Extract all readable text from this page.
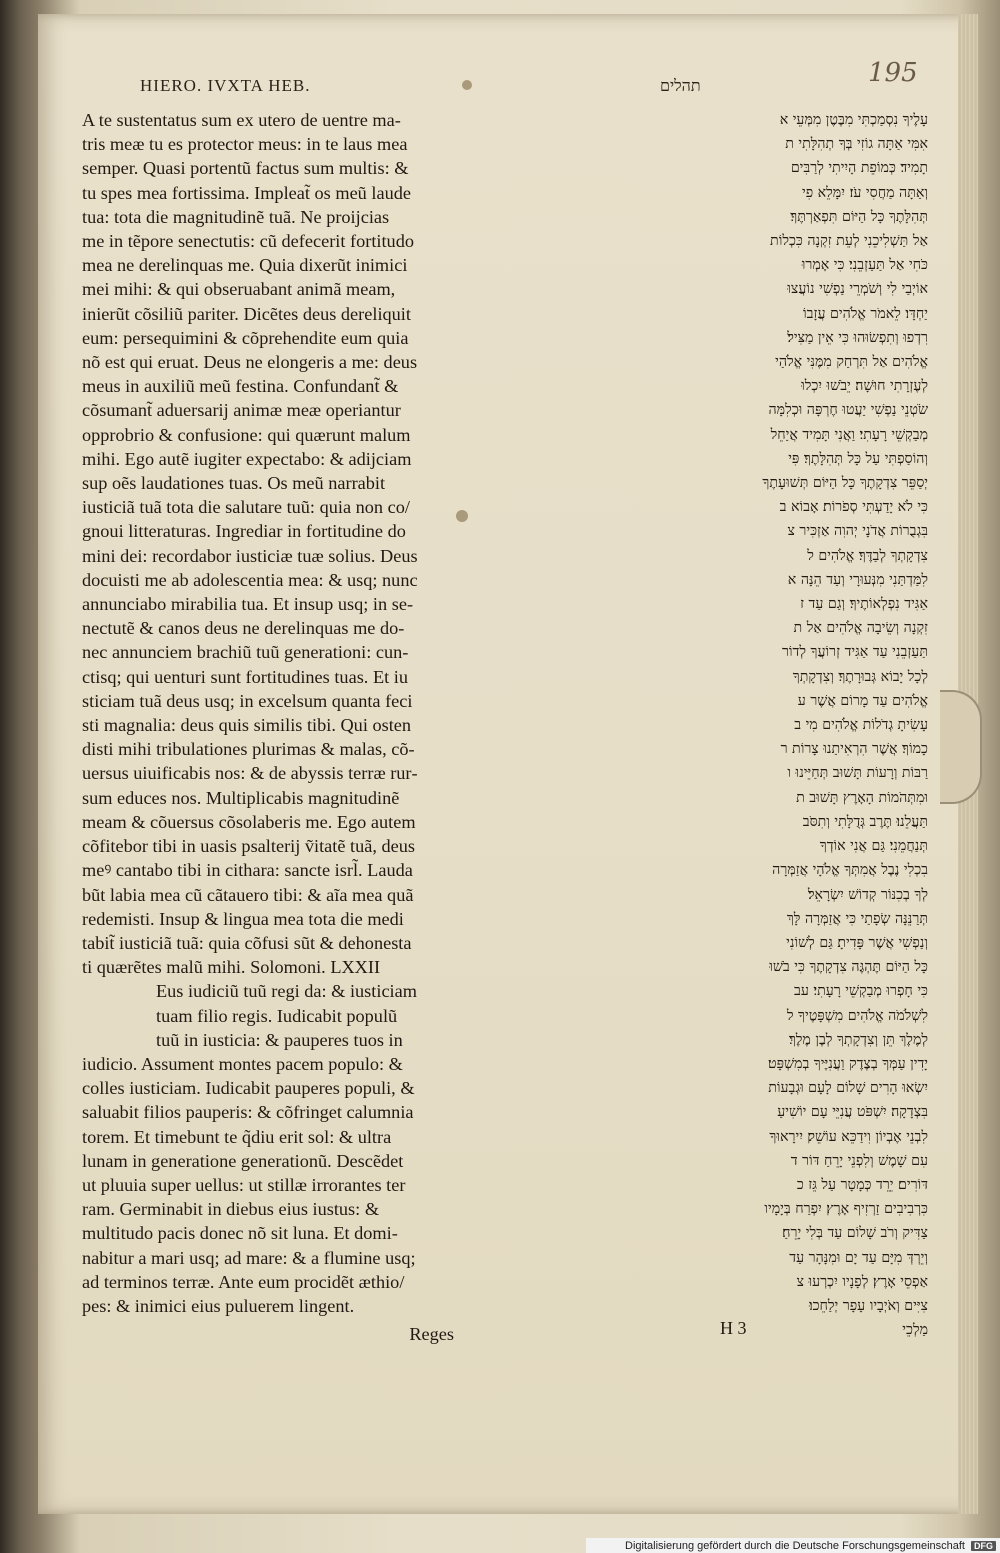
195
HIERO. IVXTA HEB.	תהלים
A te sustentatus sum ex utero de uentre ma‑
tris meæ tu es protector meus: in te laus mea
semper. Quasi portentũ factus sum multis: &
tu spes mea fortissima. Impleat̃ os meũ laude
tua: tota die magnitudinẽ tuã. Ne proijcias
me in tẽpore senectutis: cũ defecerit fortitudo
mea ne derelinquas me. Quia dixerũt inimici
mei mihi: & qui obseruabant animã meam,
inierũt cõsiliũ pariter. Dicẽtes deus dereliquit
eum: persequimini & cõprehendite eum quia
nõ est qui eruat. Deus ne elongeris a me: deus
meus in auxiliũ meũ festina. Confundant̃ &
cõsumant̃ aduersarij animæ meæ operiantur
opprobrio & confusione: qui quærunt malum
mihi. Ego autẽ iugiter expectabo: & adijciam
sup oẽs laudationes tuas. Os meũ narrabit
iusticiã tuã tota die salutare tuũ: quia non co/
gnoui litteraturas. Ingrediar in fortitudine do
mini dei: recordabor iusticiæ tuæ solius. Deus
docuisti me ab adolescentia mea: & usq; nunc
annunciabo mirabilia tua. Et insup usq; in se‑
nectutẽ & canos deus ne derelinquas me do‑
nec annunciem brachiũ tuũ generationi: cun‑
ctisq; qui uenturi sunt fortitudines tuas. Et iu
sticiam tuã deus usq; in excelsum quanta feci
sti magnalia: deus quis similis tibi. Qui osten
disti mihi tribulationes plurimas & malas, cõ‑
uersus uiuificabis nos: & de abyssis terræ rur‑
sum educes nos. Multiplicabis magnitudinẽ
meam & cõuersus cõsolaberis me. Ego autem
cõfitebor tibi in uasis psalterij ṽitatẽ tuã, deus
meꝰ cantabo tibi in cithara: sancte isrl̃. Lauda
bũt labia mea cũ cãtauero tibi: & aĩa mea quã
redemisti. Insup & lingua mea tota die medi
tabit̃ iusticiã tuã: quia cõfusi sũt & dehonesta
ti quærẽtes malũ mihi. Solomoni. LXXII
Eus iudiciũ tuũ regi da: & iusticiam
tuam filio regis. Iudicabit populũ
tuũ in iusticia: & pauperes tuos in
iudicio. Assument montes pacem populo: &
colles iusticiam. Iudicabit pauperes populi, &
saluabit filios pauperis: & cõfringet calumnia
torem. Et timebunt te q̃diu erit sol: & ultra
lunam in generatione generationũ. Descẽdet
ut pluuia super uellus: ut stillæ irrorantes ter
ram. Germinabit in diebus eius iustus: &
multitudo pacis donec nõ sit luna. Et domi‑
nabitur a mari usq; ad mare: & a flumine usq;
ad terminos terræ. Ante eum procidẽt æthio/
pes: & inimici eius puluerem lingent.
Reges
עָלֶיךָ נִסְמַכְתִּי מִבֶּטֶן מִמְּעֵי א
אִמִּי אַתָּה גוֹזִי בְּךָ תְהִלָּתִי ת
תָמִיד׃ כְּמוֹפֵת הָיִיתִי לְרַבִּים
וְאַתָּה מַחֲסִי עֹז׃ יִמָּלֵא פִי
תְּהִלָּתֶךָ כָּל הַיּוֹם תִּפְאַרְתֶּךָ׃
אַל תַּשְׁלִיכֵנִי לְעֵת זִקְנָה כִּכְלוֹת
כֹּחִי אַל תַּעַזְבֵנִי׃ כִּי אָמְרוּ
אוֹיְבַי לִי וְשֹׁמְרֵי נַפְשִׁי נוֹעֲצוּ
יַחְדָּו׃ לֵאמֹר אֱלֹהִים עֲזָבוֹ
רִדְפוּ וְתִפְשׂוּהוּ כִּי אֵין מַצִּיל׃
אֱלֹהִים אַל תִּרְחַק מִמֶּנִּי אֱלֹהַי
לְעֶזְרָתִי חוּשָׁה׃ יֵבֹשׁוּ יִכְלוּ
שֹׂטְנֵי נַפְשִׁי יַעֲטוּ חֶרְפָּה וּכְלִמָּה
מְבַקְשֵׁי רָעָתִי׃ וַאֲנִי תָּמִיד אֲיַחֵל
וְהוֹסַפְתִּי עַל כָּל תְּהִלָּתֶךָ׃ פִּי
יְסַפֵּר צִדְקָתֶךָ כָּל הַיּוֹם תְּשׁוּעָתֶךָ
כִּי לֹא יָדַעְתִּי סְפֹרוֹת׃ אָבוֹא ב
בִּגְבֻרוֹת אֲדֹנָי יְהוִה אַזְכִּיר צ
צִדְקָתְךָ לְבַדֶּךָ׃ אֱלֹהִים ל
לִמַּדְתַּנִי מִנְּעוּרָי וְעַד הֵנָּה א
אַגִּיד נִפְלְאוֹתֶיךָ׃ וְגַם עַד ז
זִקְנָה וְשֵׂיבָה אֱלֹהִים אַל ת
תַּעַזְבֵנִי עַד אַגִּיד זְרוֹעֲךָ לְדוֹר
לְכָל יָבוֹא גְּבוּרָתֶךָ׃ וְצִדְקָתְךָ
אֱלֹהִים עַד מָרוֹם אֲשֶׁר ע
עָשִׂיתָ גְדֹלוֹת אֱלֹהִים מִי ב
כָמוֹךָ׃ אֲשֶׁר הִרְאִיתַנוּ צָרוֹת ר
רַבּוֹת וְרָעוֹת תָּשׁוּב תְּחַיֵּינוּ ו
וּמִתְּהֹמוֹת הָאָרֶץ תָּשׁוּב ת
תַּעֲלֵנוּ׃ תֶּרֶב גְּדֻלָּתִי וְתִסֹּב
תְּנַחֲמֵנִי׃ גַּם אֲנִי אוֹדְךָ
בִכְלִי נֶבֶל אֲמִתְּךָ אֱלֹהָי אֲזַמְּרָה
לְךָ בְכִנּוֹר קְדוֹשׁ יִשְׂרָאֵל׃
תְּרַנֵּנָּה שְׂפָתַי כִּי אֲזַמְּרָה לָּךְ
וְנַפְשִׁי אֲשֶׁר פָּדִיתָ׃ גַּם לְשׁוֹנִי
כָּל הַיּוֹם תֶּהְגֶּה צִדְקָתֶךָ כִּי בֹשׁוּ
כִּי חָפְרוּ מְבַקְשֵׁי רָעָתִי׃ עב
לִשְׁלֹמֹה אֱלֹהִים מִשְׁפָּטֶיךָ ל
לְמֶלֶךְ תֵּן וְצִדְקָתְךָ לְבֶן מֶלֶךְ׃
יָדִין עַמְּךָ בְצֶדֶק וַעֲנִיֶּיךָ בְמִשְׁפָּט׃
יִשְׂאוּ הָרִים שָׁלוֹם לָעָם וּגְבָעוֹת
בִּצְדָקָה׃ יִשְׁפֹּט עֲנִיֵּי עָם יוֹשִׁיעַ
לִבְנֵי אֶבְיוֹן וִידַכֵּא עוֹשֵׁק׃ יִירָאוּךָ
עִם שָׁמֶשׁ וְלִפְנֵי יָרֵחַ דּוֹר ד
דּוֹרִים׃ יֵרֵד כְּמָטָר עַל גֵּז כ
כִּרְבִיבִים זַרְזִיף אָרֶץ׃ יִפְרַח בְּיָמָיו
צַדִּיק וְרֹב שָׁלוֹם עַד בְּלִי יָרֵחַ׃
וְיֵרְדְּ מִיָּם עַד יָם וּמִנָּהָר עַד
אַפְסֵי אָרֶץ׃ לְפָנָיו יִכְרְעוּ צ
צִיִּים וְאֹיְבָיו עָפָר יְלַחֵכוּ׃
מַלְכֵי
H 3
Digitalisierung gefördert durch die Deutsche Forschungsgemeinschaft	DFG
